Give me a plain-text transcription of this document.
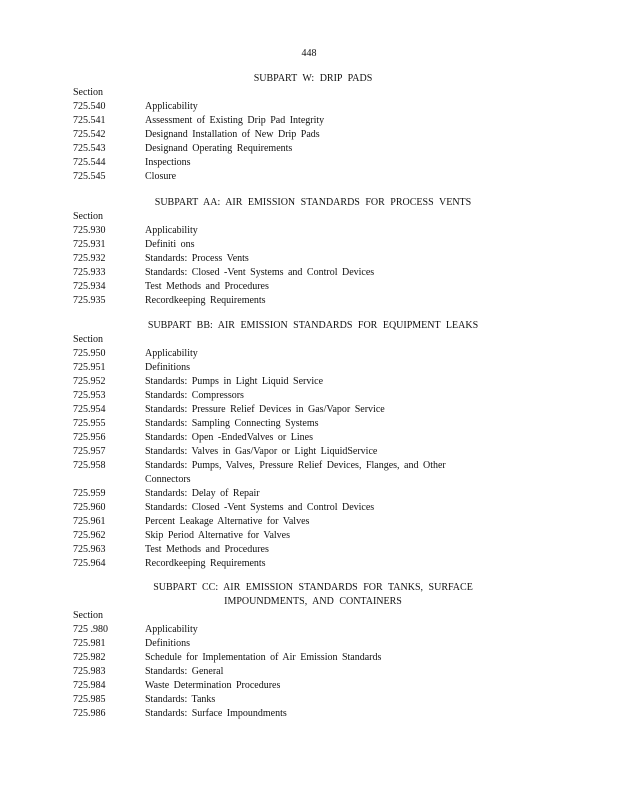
448
SUBPART W: DRIP PADS
Section
725.540	Applicability
725.541	Assessment of Existing Drip Pad Integrity
725.542	Designand Installation of New Drip Pads
725.543	Designand Operating Requirements
725.544	Inspections
725.545	Closure
SUBPART AA: AIR EMISSION STANDARDS FOR PROCESS VENTS
Section
725.930	Applicability
725.931	Definiti ons
725.932	Standards: Process Vents
725.933	Standards: Closed -Vent Systems and Control Devices
725.934	Test Methods and Procedures
725.935	Recordkeeping Requirements
SUBPART BB: AIR EMISSION STANDARDS FOR EQUIPMENT LEAKS
Section
725.950	Applicability
725.951	Definitions
725.952	Standards: Pumps in Light Liquid Service
725.953	Standards: Compressors
725.954	Standards: Pressure Relief Devices in Gas/Vapor Service
725.955	Standards: Sampling Connecting Systems
725.956	Standards: Open -EndedValves or Lines
725.957	Standards: Valves in Gas/Vapor or Light LiquidService
725.958	Standards: Pumps, Valves, Pressure Relief Devices, Flanges, and Other Connectors
725.959	Standards: Delay of Repair
725.960	Standards: Closed -Vent Systems and Control Devices
725.961	Percent Leakage Alternative for Valves
725.962	Skip Period Alternative for Valves
725.963	Test Methods and Procedures
725.964	Recordkeeping Requirements
SUBPART CC: AIR EMISSION STANDARDS FOR TANKS, SURFACE
IMPOUNDMENTS, AND CONTAINERS
Section
725 .980	Applicability
725.981	Definitions
725.982	Schedule for Implementation of Air Emission Standards
725.983	Standards: General
725.984	Waste Determination Procedures
725.985	Standards: Tanks
725.986	Standards: Surface Impoundments
